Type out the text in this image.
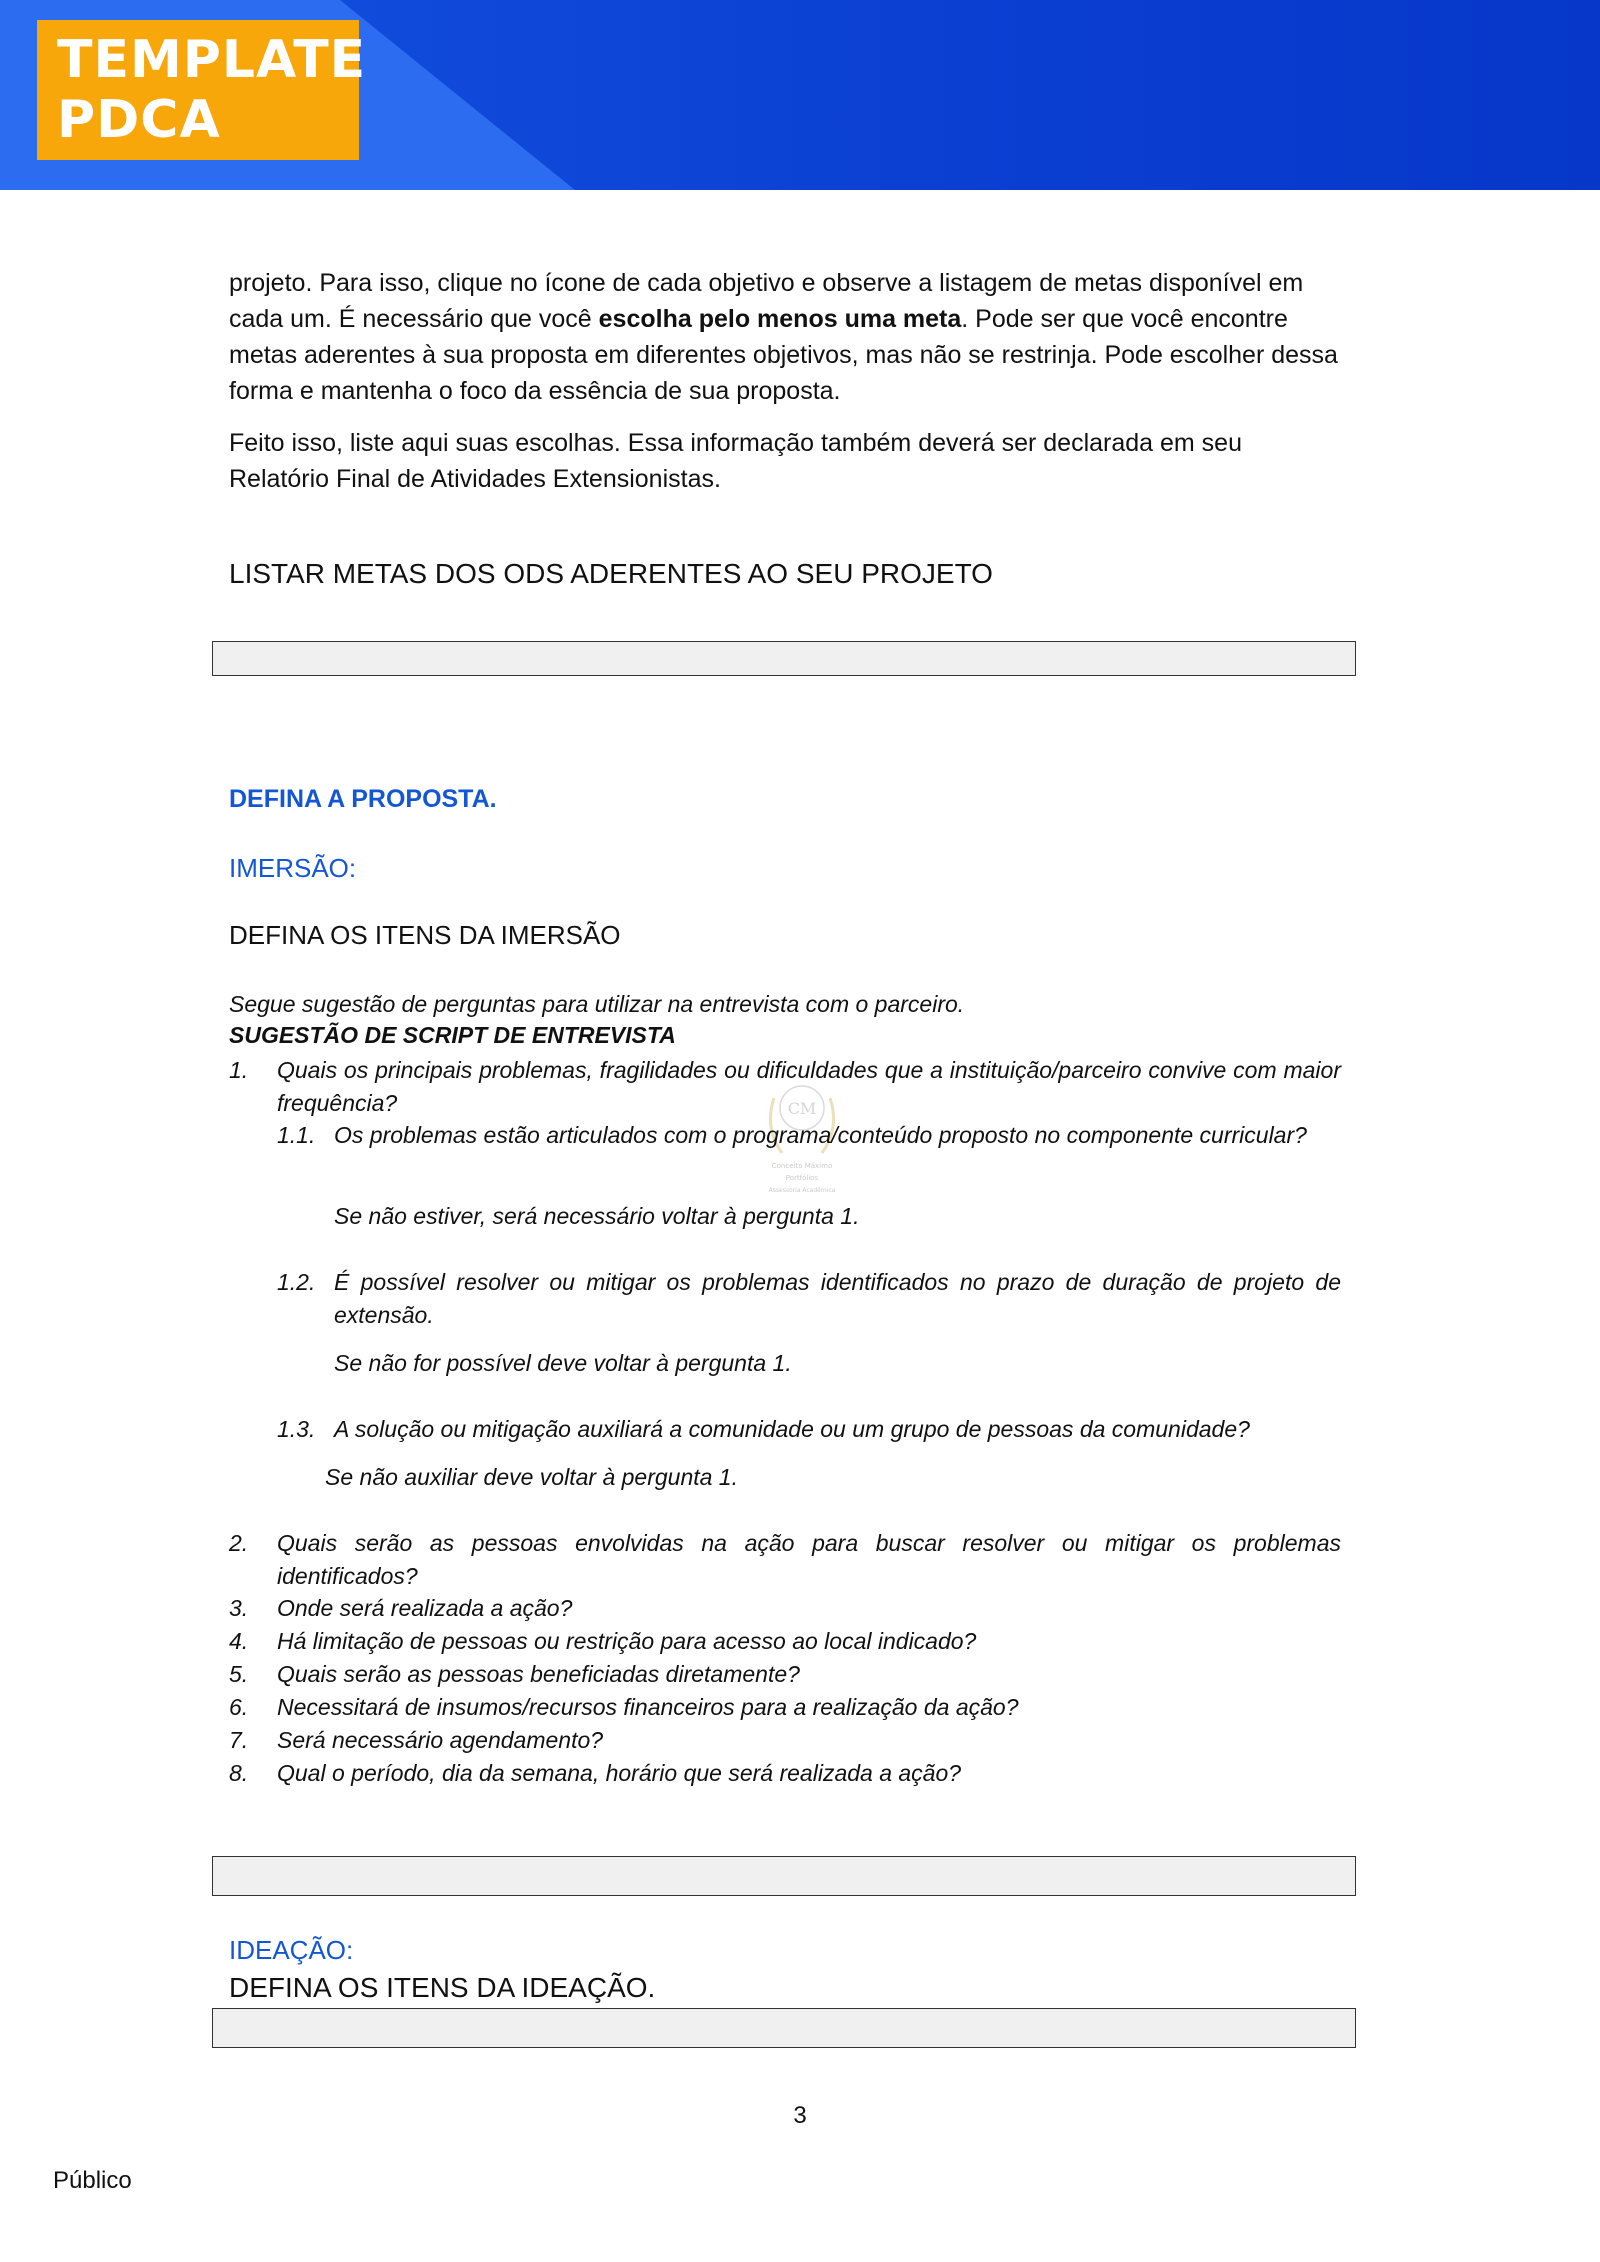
TEMPLATE
PDCA

projeto. Para isso, clique no ícone de cada objetivo e observe a listagem de metas disponível em cada um. É necessário que você escolha pelo menos uma meta. Pode ser que você encontre metas aderentes à sua proposta em diferentes objetivos, mas não se restrinja. Pode escolher dessa forma e mantenha o foco da essência de sua proposta.

Feito isso, liste aqui suas escolhas. Essa informação também deverá ser declarada em seu Relatório Final de Atividades Extensionistas.

LISTAR METAS DOS ODS ADERENTES AO SEU PROJETO

DEFINA A PROPOSTA.

IMERSÃO:

DEFINA OS ITENS DA IMERSÃO

Segue sugestão de perguntas para utilizar na entrevista com o parceiro.

SUGESTÃO DE SCRIPT DE ENTREVISTA

CM
Conceito Máximo
Portfólios
Assessoria Acadêmica
1. Quais os principais problemas, fragilidades ou dificuldades que a instituição/parceiro convive com maior frequência?
1.1. Os problemas estão articulados com o programa/conteúdo proposto no componente curricular?

Se não estiver, será necessário voltar à pergunta 1.

1.2. É possível resolver ou mitigar os problemas identificados no prazo de duração de projeto de extensão.

Se não for possível deve voltar à pergunta 1.

1.3. A solução ou mitigação auxiliará a comunidade ou um grupo de pessoas da comunidade?

Se não auxiliar deve voltar à pergunta 1.

2. Quais serão as pessoas envolvidas na ação para buscar resolver ou mitigar os problemas identificados?
3. Onde será realizada a ação?
4. Há limitação de pessoas ou restrição para acesso ao local indicado?
5. Quais serão as pessoas beneficiadas diretamente?
6. Necessitará de insumos/recursos financeiros para a realização da ação?
7. Será necessário agendamento?
8. Qual o período, dia da semana, horário que será realizada a ação?

IDEAÇÃO:

DEFINA OS ITENS DA IDEAÇÃO.

3
Público
